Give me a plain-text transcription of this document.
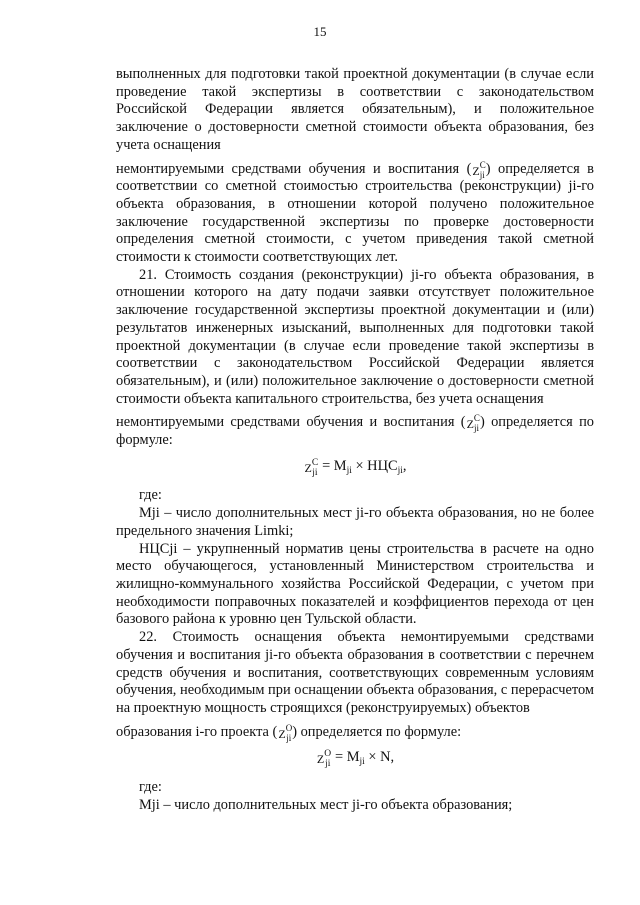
15

выполненных для подготовки такой проектной документации (в случае если проведение такой экспертизы в соответствии с законодательством Российской Федерации является обязательным), и положительное заключение о достоверности сметной стоимости объекта образования, без учета оснащения

немонтируемыми средствами обучения и воспитания $(Z^C_{ji})$ определяется в соответствии со сметной стоимостью строительства (реконструкции) ji-го объекта образования, в отношении которой получено положительное заключение государственной экспертизы по проверке достоверности определения сметной стоимости, с учетом приведения такой сметной стоимости к стоимости соответствующих лет.

21. Стоимость создания (реконструкции) ji-го объекта образования, в отношении которого на дату подачи заявки отсутствует положительное заключение государственной экспертизы проектной документации и (или) результатов инженерных изысканий, выполненных для подготовки такой проектной документации (в случае если проведение такой экспертизы в соответствии с законодательством Российской Федерации является обязательным), и (или) положительное заключение о достоверности сметной стоимости объекта капитального строительства, без учета оснащения

немонтируемыми средствами обучения и воспитания $(Z^C_{ji})$ определяется по формуле:

$Z^C_{ji} = M_{ji} \times НЦС_{ji}$,

где:

Mji – число дополнительных мест ji-го объекта образования, но не более предельного значения Limki;

НЦСji – укрупненный норматив цены строительства в расчете на одно место обучающегося, установленный Министерством строительства и жилищно-коммунального хозяйства Российской Федерации, с учетом при необходимости поправочных показателей и коэффициентов перехода от цен базового района к уровню цен Тульской области.

22. Стоимость оснащения объекта немонтируемыми средствами обучения и воспитания ji-го объекта образования в соответствии с перечнем средств обучения и воспитания, соответствующих современным условиям обучения, необходимым при оснащении объекта образования, с перерасчетом на проектную мощность строящихся (реконструируемых) объектов

образования i-го проекта $(Z^O_{ji})$ определяется по формуле:

$Z^O_{ji} = M_{ji} \times N$,

где:

Mji – число дополнительных мест ji-го объекта образования;
